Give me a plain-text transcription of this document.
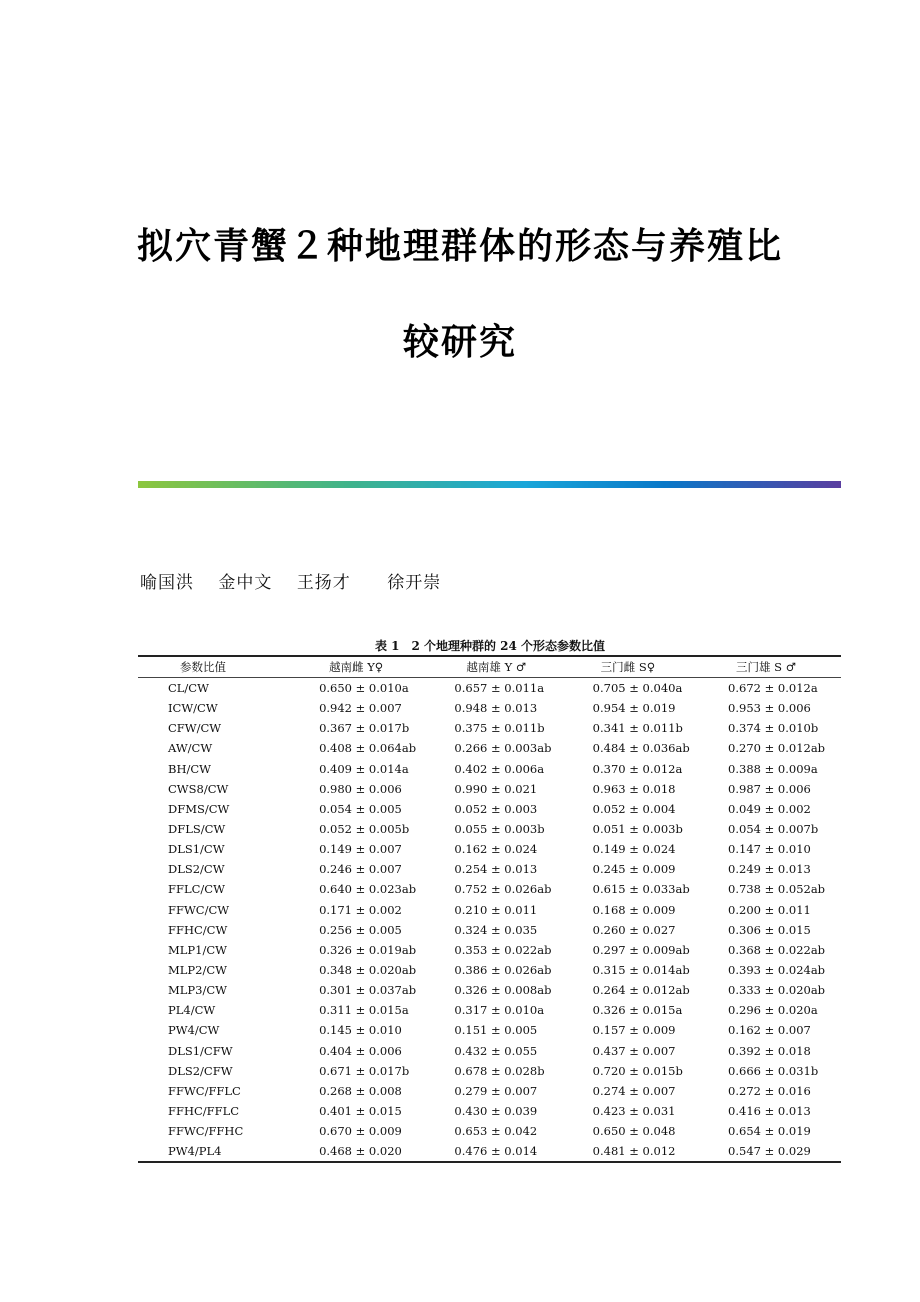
拟穴青蟹２种地理群体的形态与养殖比
较研究
喻国洪 金中文 王扬才 徐开崇
表 1　2 个地理种群的 24 个形态参数比值
参数比值	越南雌 Y♀	越南雄 Y ♂	三门雌 S♀	三门雄 S ♂
CL/CW	0.650 ± 0.010a	0.657 ± 0.011a	0.705 ± 0.040a	0.672 ± 0.012a
ICW/CW	0.942 ± 0.007	0.948 ± 0.013	0.954 ± 0.019	0.953 ± 0.006
CFW/CW	0.367 ± 0.017b	0.375 ± 0.011b	0.341 ± 0.011b	0.374 ± 0.010b
AW/CW	0.408 ± 0.064ab	0.266 ± 0.003ab	0.484 ± 0.036ab	0.270 ± 0.012ab
BH/CW	0.409 ± 0.014a	0.402 ± 0.006a	0.370 ± 0.012a	0.388 ± 0.009a
CWS8/CW	0.980 ± 0.006	0.990 ± 0.021	0.963 ± 0.018	0.987 ± 0.006
DFMS/CW	0.054 ± 0.005	0.052 ± 0.003	0.052 ± 0.004	0.049 ± 0.002
DFLS/CW	0.052 ± 0.005b	0.055 ± 0.003b	0.051 ± 0.003b	0.054 ± 0.007b
DLS1/CW	0.149 ± 0.007	0.162 ± 0.024	0.149 ± 0.024	0.147 ± 0.010
DLS2/CW	0.246 ± 0.007	0.254 ± 0.013	0.245 ± 0.009	0.249 ± 0.013
FFLC/CW	0.640 ± 0.023ab	0.752 ± 0.026ab	0.615 ± 0.033ab	0.738 ± 0.052ab
FFWC/CW	0.171 ± 0.002	0.210 ± 0.011	0.168 ± 0.009	0.200 ± 0.011
FFHC/CW	0.256 ± 0.005	0.324 ± 0.035	0.260 ± 0.027	0.306 ± 0.015
MLP1/CW	0.326 ± 0.019ab	0.353 ± 0.022ab	0.297 ± 0.009ab	0.368 ± 0.022ab
MLP2/CW	0.348 ± 0.020ab	0.386 ± 0.026ab	0.315 ± 0.014ab	0.393 ± 0.024ab
MLP3/CW	0.301 ± 0.037ab	0.326 ± 0.008ab	0.264 ± 0.012ab	0.333 ± 0.020ab
PL4/CW	0.311 ± 0.015a	0.317 ± 0.010a	0.326 ± 0.015a	0.296 ± 0.020a
PW4/CW	0.145 ± 0.010	0.151 ± 0.005	0.157 ± 0.009	0.162 ± 0.007
DLS1/CFW	0.404 ± 0.006	0.432 ± 0.055	0.437 ± 0.007	0.392 ± 0.018
DLS2/CFW	0.671 ± 0.017b	0.678 ± 0.028b	0.720 ± 0.015b	0.666 ± 0.031b
FFWC/FFLC	0.268 ± 0.008	0.279 ± 0.007	0.274 ± 0.007	0.272 ± 0.016
FFHC/FFLC	0.401 ± 0.015	0.430 ± 0.039	0.423 ± 0.031	0.416 ± 0.013
FFWC/FFHC	0.670 ± 0.009	0.653 ± 0.042	0.650 ± 0.048	0.654 ± 0.019
PW4/PL4	0.468 ± 0.020	0.476 ± 0.014	0.481 ± 0.012	0.547 ± 0.029
